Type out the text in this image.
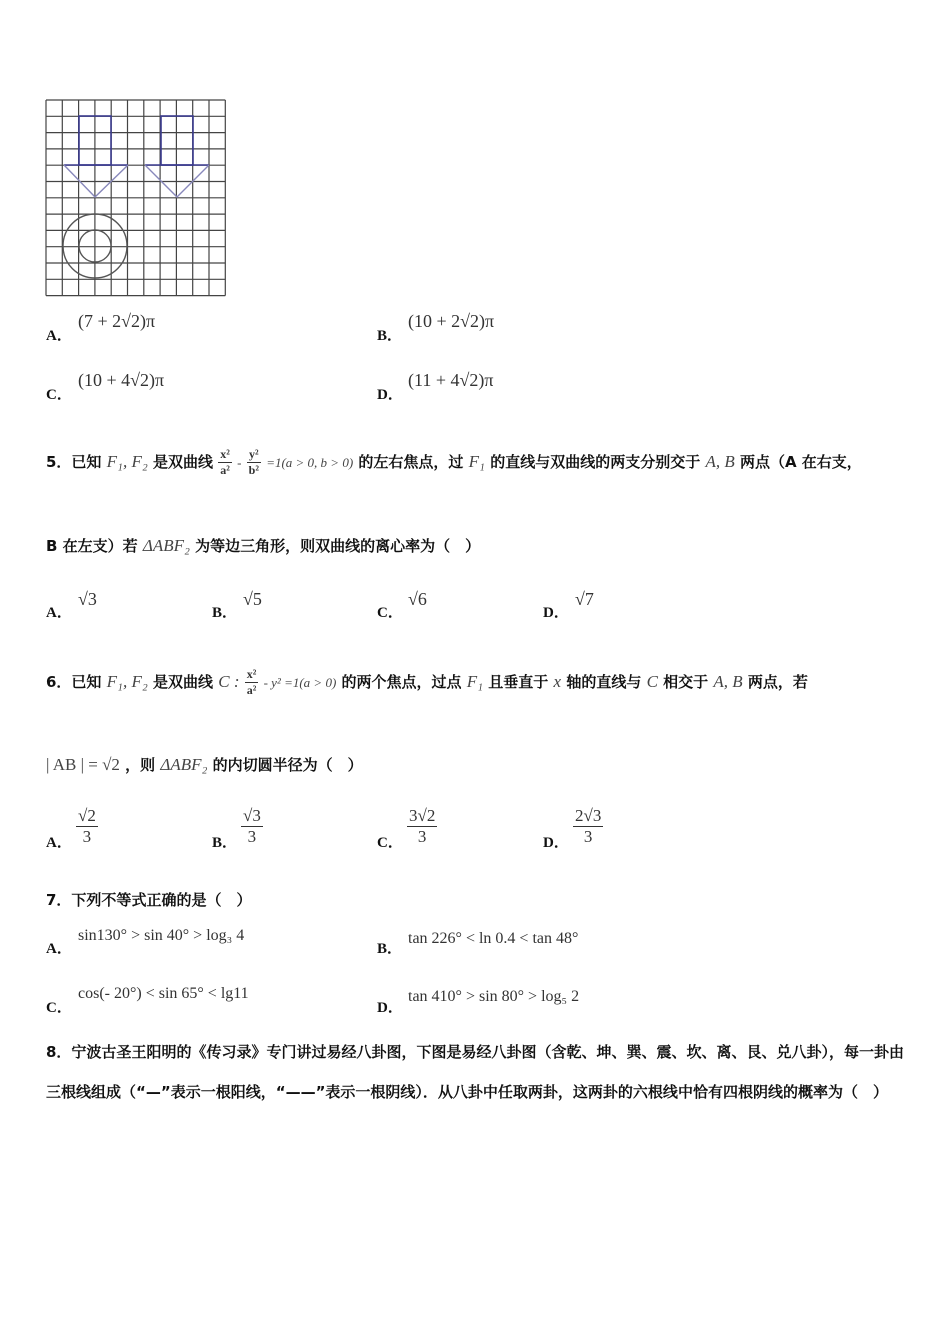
A．
(7 + 2√2)π
B．
(10 + 2√2)π
C．
(10 + 4√2)π
D．
(11 + 4√2)π
5．已知 F₁, F₂ 是双曲线 $\frac{\text{x²}}{\text{a²}} - \frac{\text{y²}}{\text{b²}} =1(a > 0$, b > 0) 的左右焦点，过 F₁ 的直线与双曲线的两支分别交于 A, B 两点（A 在右支，
B 在左支）若 ΔABF₂ 为等边三角形，则双曲线的离心率为（　）
A．
√3
B．
√5
C．
√6
D．
√7
6．已知 F₁, F₂ 是双曲线 C : $\frac{\text{x²}}{\text{a²}} - y^2 =1(a > 0)$ 的两个焦点，过点 F₁ 且垂直于 x 轴的直线与 C 相交于 A, B 两点，若
| AB | = √2 ，则 ΔABF₂ 的内切圆半径为（　）
A． $\frac{√2}{3}$	B． $\frac{√3}{3}$	C． $\frac{3√2}{3}$	D． $\frac{2√3}{3}$
7．下列不等式正确的是（　）
A．
sin130° > sin 40° > log₃ 4
B．
tan 226° < ln 0.4 < tan 48°
C．
cos(- 20°) < sin 65° < lg11
D．
tan 410° > sin 80° > log₅ 2
8．宁波古圣王阳明的《传习录》专门讲过易经八卦图，下图是易经八卦图（含乾、坤、巽、震、坎、离、艮、兑八卦），每一卦由三根线组成（“—”表示一根阳线，“——”表示一根阴线）．从八卦中任取两卦，这两卦的六根线中恰有四根阴线的概率为（　）
